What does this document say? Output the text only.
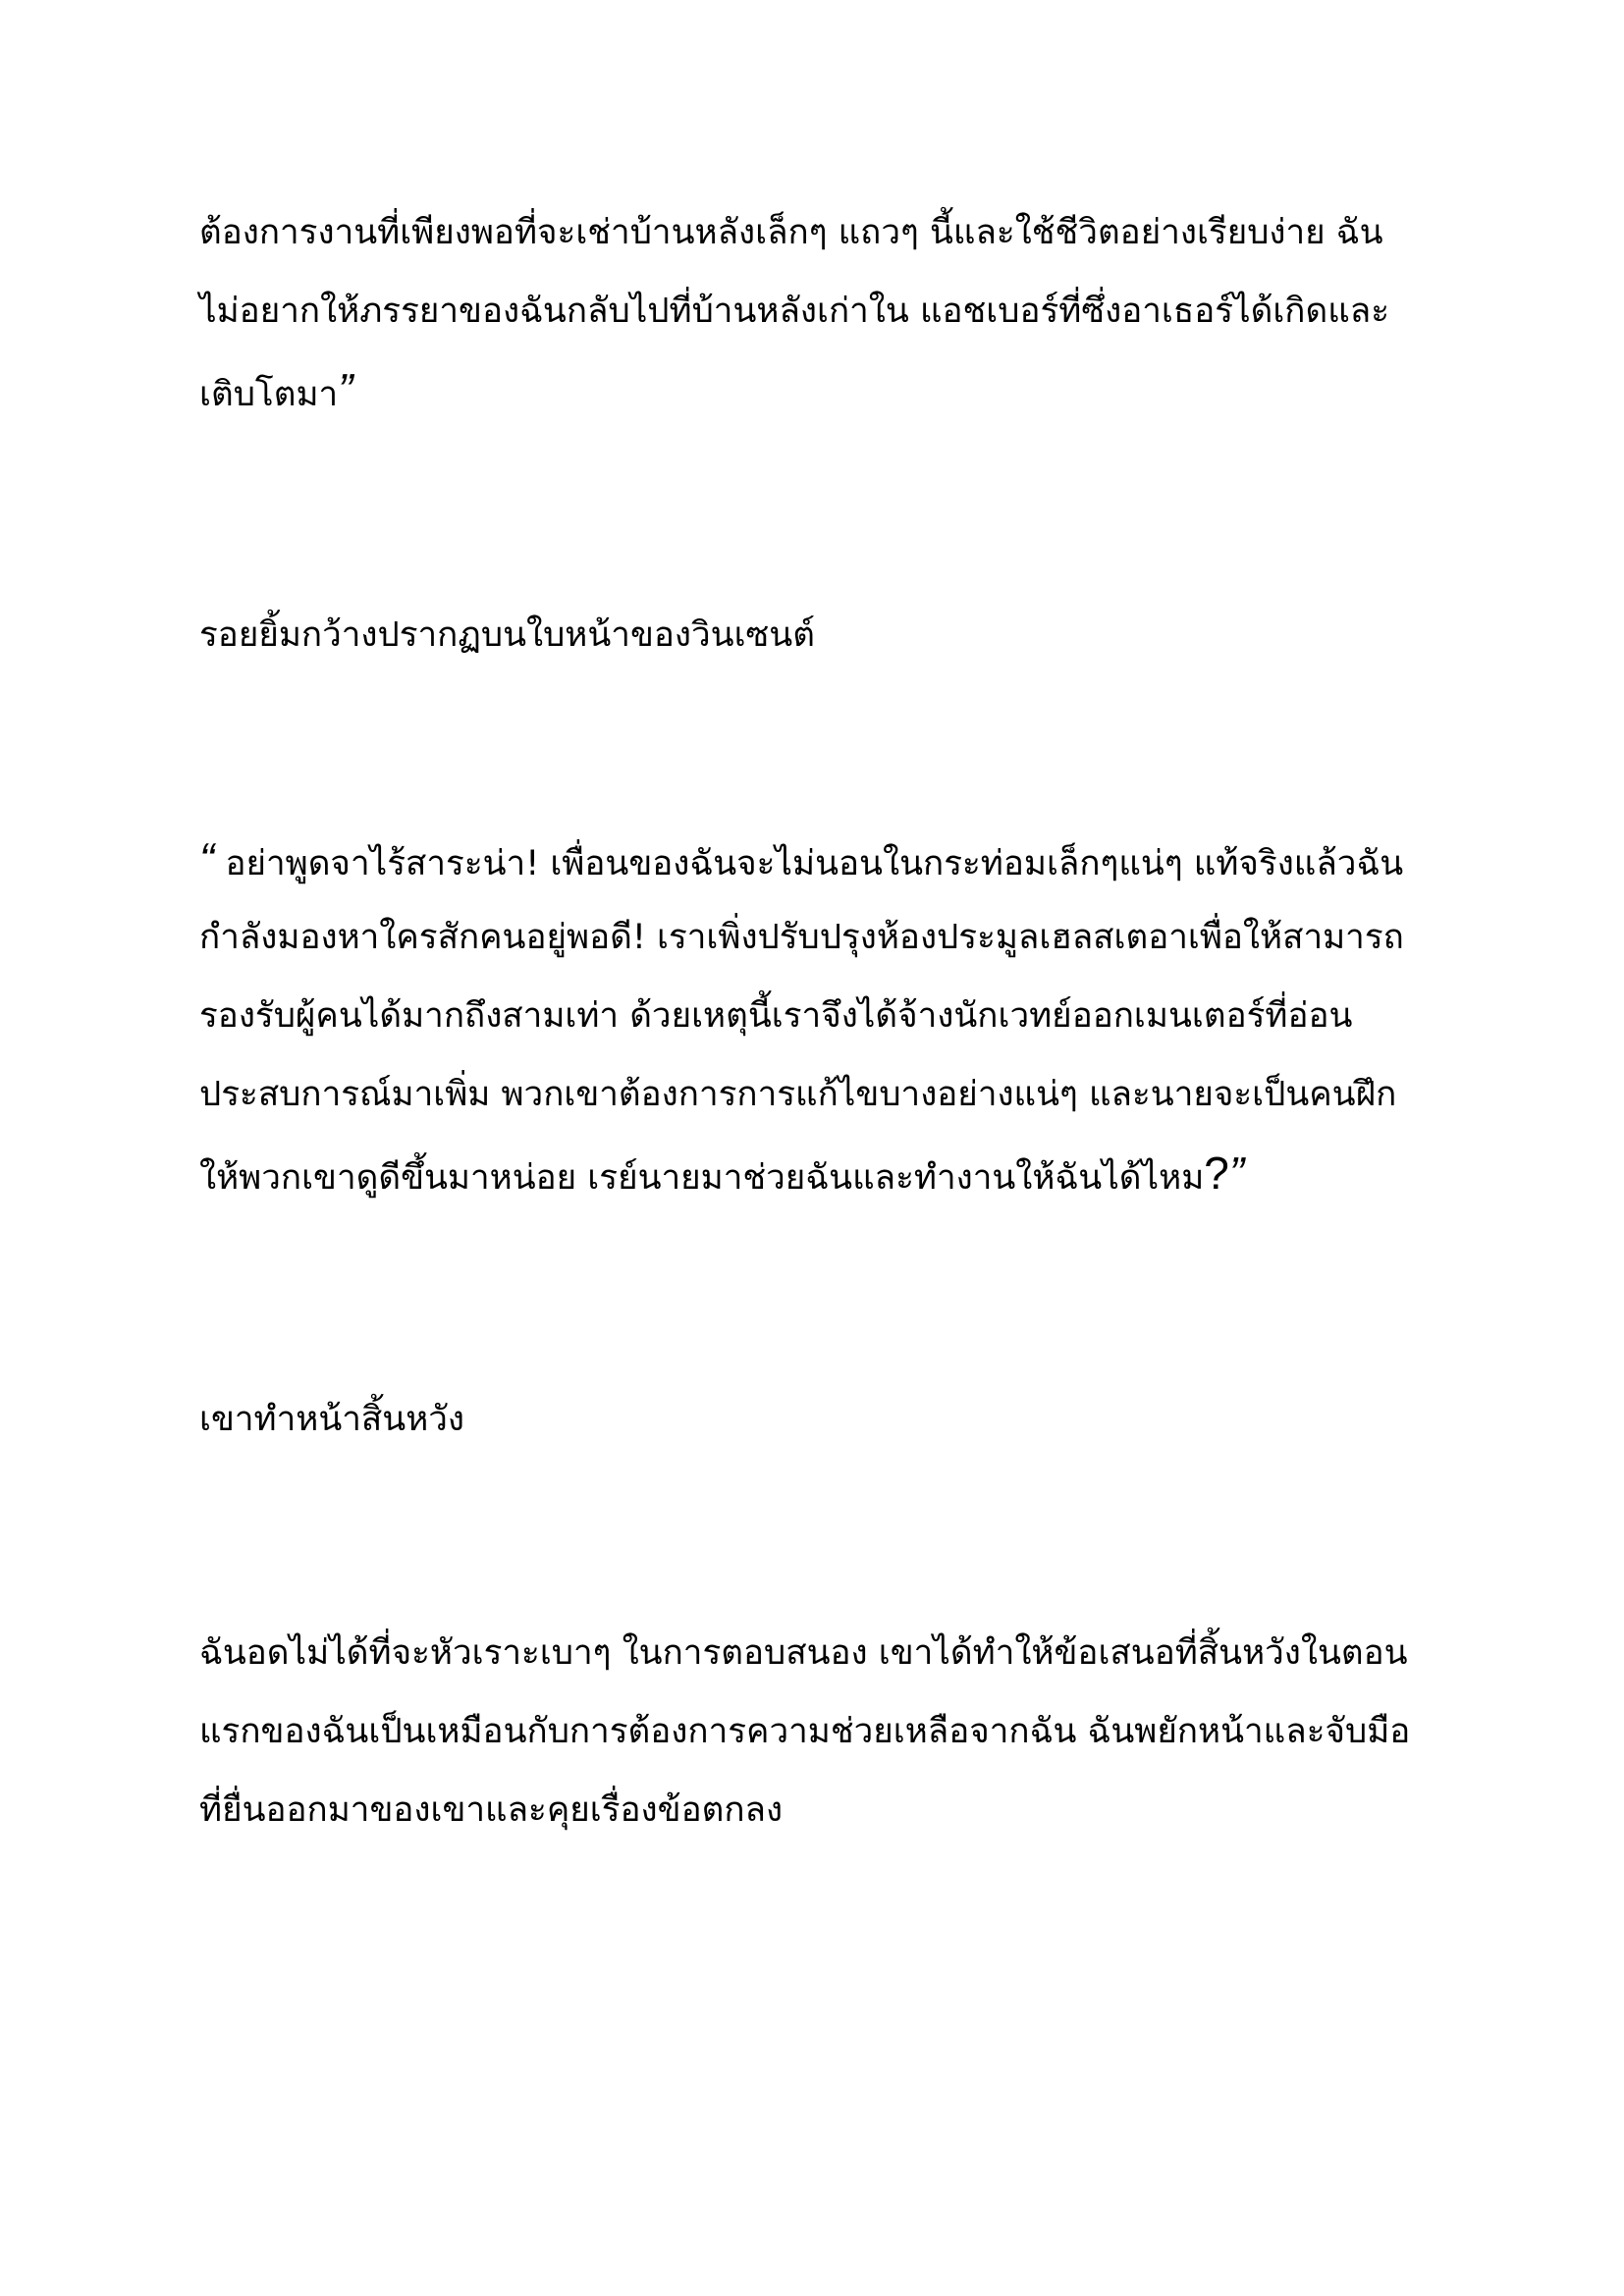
ต้องการงานที่เพียงพอที่จะเช่าบ้านหลังเล็กๆ แถวๆ นี้และใช้ชีวิตอย่างเรียบง่าย ฉัน
ไม่อยากให้ภรรยาของฉันกลับไปที่บ้านหลังเก่าใน แอชเบอร์ที่ซึ่งอาเธอร์ได้เกิดและ
เติบโตมา”
รอยยิ้มกว้างปรากฏบนใบหน้าของวินเซนต์
“ อย่าพูดจาไร้สาระน่า! เพื่อนของฉันจะไม่นอนในกระท่อมเล็กๆแน่ๆ แท้จริงแล้วฉัน
กำลังมองหาใครสักคนอยู่พอดี! เราเพิ่งปรับปรุงห้องประมูลเฮลสเตอาเพื่อให้สามารถ
รองรับผู้คนได้มากถึงสามเท่า ด้วยเหตุนี้เราจึงได้จ้างนักเวทย์ออกเมนเตอร์ที่อ่อน
ประสบการณ์มาเพิ่ม พวกเขาต้องการการแก้ไขบางอย่างแน่ๆ และนายจะเป็นคนฝึก
ให้พวกเขาดูดีขึ้นมาหน่อย เรย์นายมาช่วยฉันและทำงานให้ฉันได้ไหม?”
เขาทำหน้าสิ้นหวัง
ฉันอดไม่ได้ที่จะหัวเราะเบาๆ ในการตอบสนอง เขาได้ทำให้ข้อเสนอที่สิ้นหวังในตอน
แรกของฉันเป็นเหมือนกับการต้องการความช่วยเหลือจากฉัน ฉันพยักหน้าและจับมือ
ที่ยื่นออกมาของเขาและคุยเรื่องข้อตกลง
